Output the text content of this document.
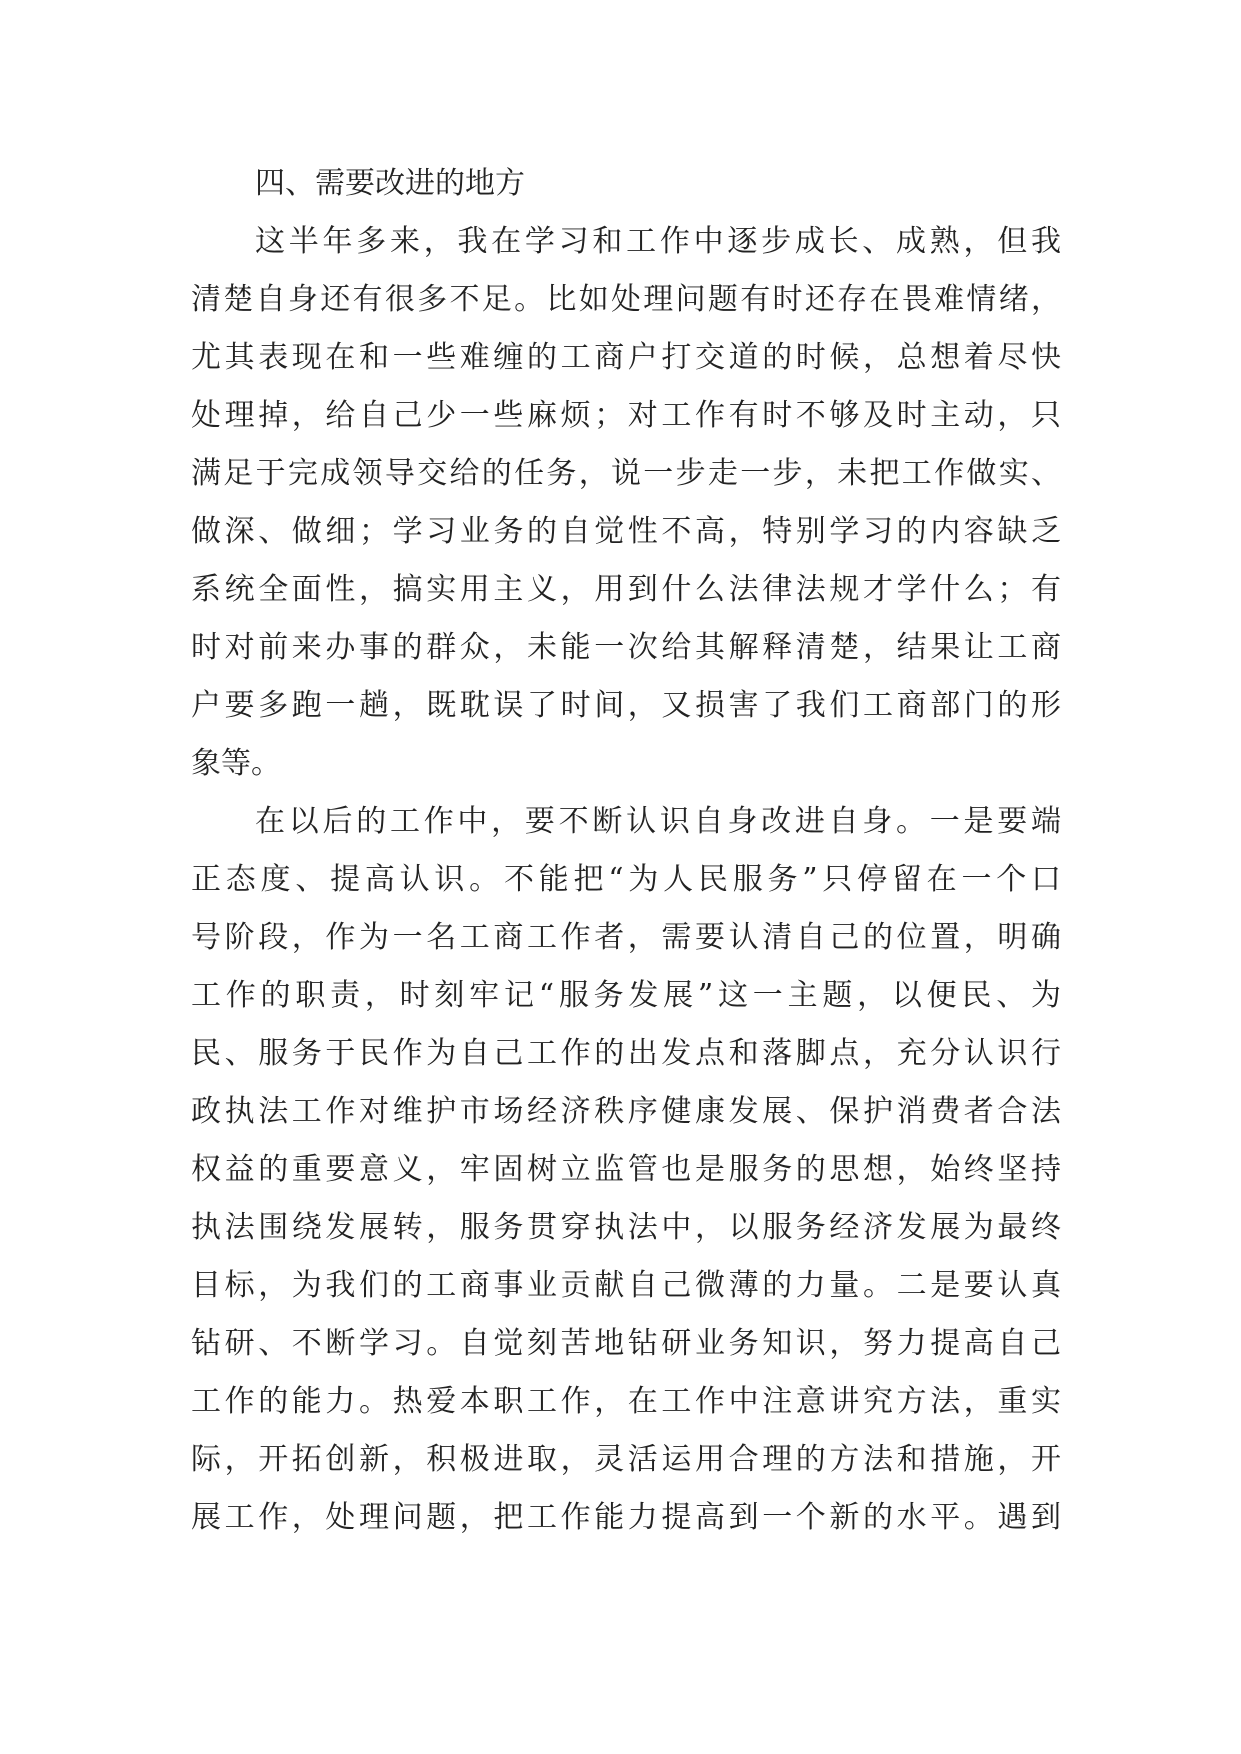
四、需要改进的地方
这半年多来，我在学习和工作中逐步成长、成熟，但我
清楚自身还有很多不足。比如处理问题有时还存在畏难情绪，
尤其表现在和一些难缠的工商户打交道的时候，总想着尽快
处理掉，给自己少一些麻烦；对工作有时不够及时主动，只
满足于完成领导交给的任务，说一步走一步，未把工作做实、
做深、做细；学习业务的自觉性不高，特别学习的内容缺乏
系统全面性，搞实用主义，用到什么法律法规才学什么；有
时对前来办事的群众，未能一次给其解释清楚，结果让工商
户要多跑一趟，既耽误了时间，又损害了我们工商部门的形
象等。
在以后的工作中，要不断认识自身改进自身。一是要端
正态度、提高认识。不能把“为人民服务”只停留在一个口
号阶段，作为一名工商工作者，需要认清自己的位置，明确
工作的职责，时刻牢记“服务发展”这一主题，以便民、为
民、服务于民作为自己工作的出发点和落脚点，充分认识行
政执法工作对维护市场经济秩序健康发展、保护消费者合法
权益的重要意义，牢固树立监管也是服务的思想，始终坚持
执法围绕发展转，服务贯穿执法中，以服务经济发展为最终
目标，为我们的工商事业贡献自己微薄的力量。二是要认真
钻研、不断学习。自觉刻苦地钻研业务知识，努力提高自己
工作的能力。热爱本职工作，在工作中注意讲究方法，重实
际，开拓创新，积极进取，灵活运用合理的方法和措施，开
展工作，处理问题，把工作能力提高到一个新的水平。遇到
